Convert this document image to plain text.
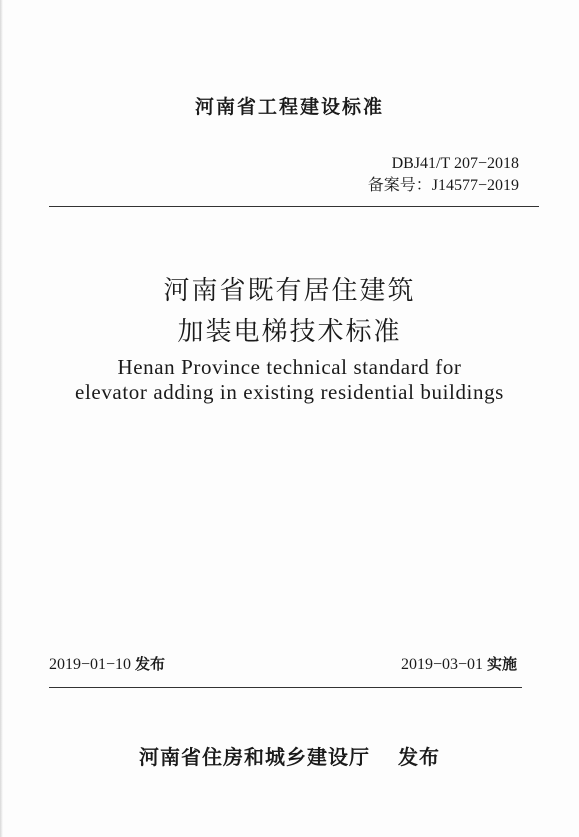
河南省工程建设标准
DBJ41/T 207−2018
备案号：J14577−2019
河南省既有居住建筑
加装电梯技术标准
Henan Province technical standard for
elevator adding in existing residential buildings
2019−01−10 发布	2019−03−01 实施
河南省住房和城乡建设厅 发布
